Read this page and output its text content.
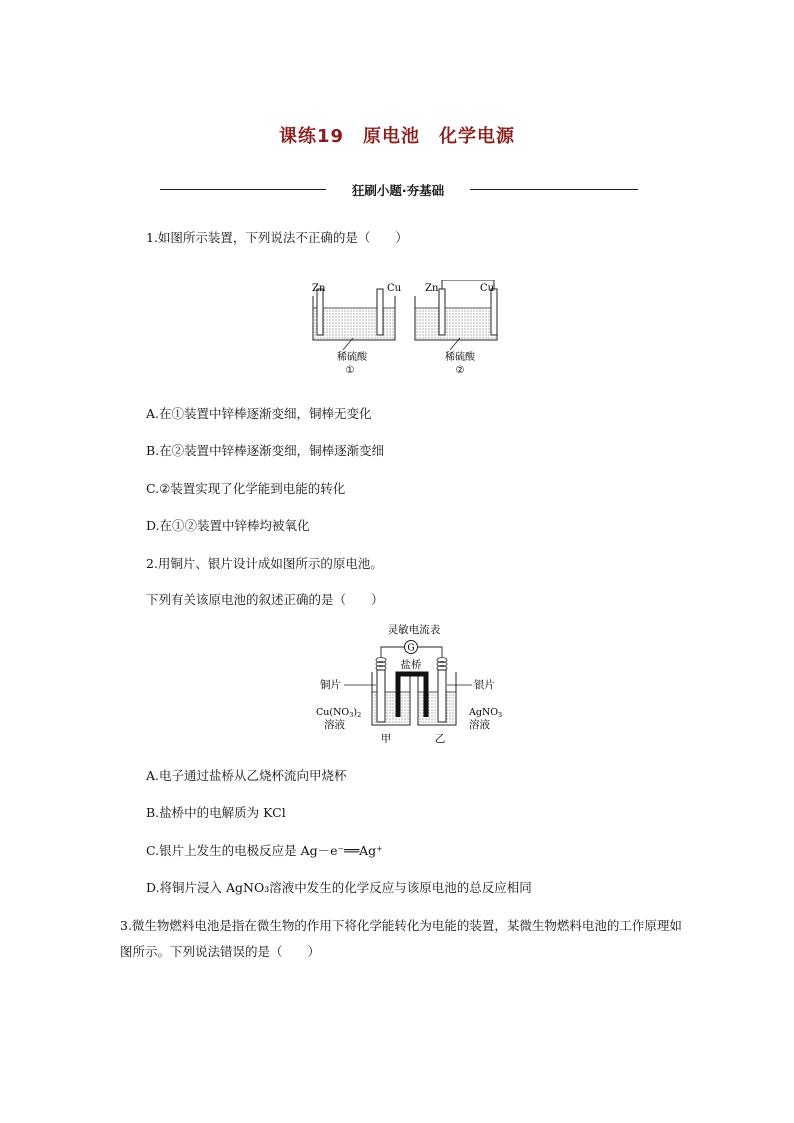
课练19　原电池　化学电源
狂刷小题·夯基础
1.如图所示装置，下列说法不正确的是（　　）
Zn	Cu Zn	Cu
稀硫酸	稀硫酸
①	②
A.在①装置中锌棒逐渐变细，铜棒无变化
B.在②装置中锌棒逐渐变细，铜棒逐渐变细
C.②装置实现了化学能到电能的转化
D.在①②装置中锌棒均被氧化
2.用铜片、银片设计成如图所示的原电池。
下列有关该原电池的叙述正确的是（　　）
灵敏电流表
G
盐桥
铜片	银片
$Cu(NO_3)_2$
溶液
AgNO$_3$
溶液
甲	乙
A.电子通过盐桥从乙烧杯流向甲烧杯
B.盐桥中的电解质为 KCl
C.银片上发生的电极反应是 Ag－e⁻══Ag⁺
D.将铜片浸入 AgNO₃溶液中发生的化学反应与该原电池的总反应相同
3.微生物燃料电池是指在微生物的作用下将化学能转化为电能的装置，某微生物燃料电池的工作原理如图所示。下列说法错误的是（　　）
